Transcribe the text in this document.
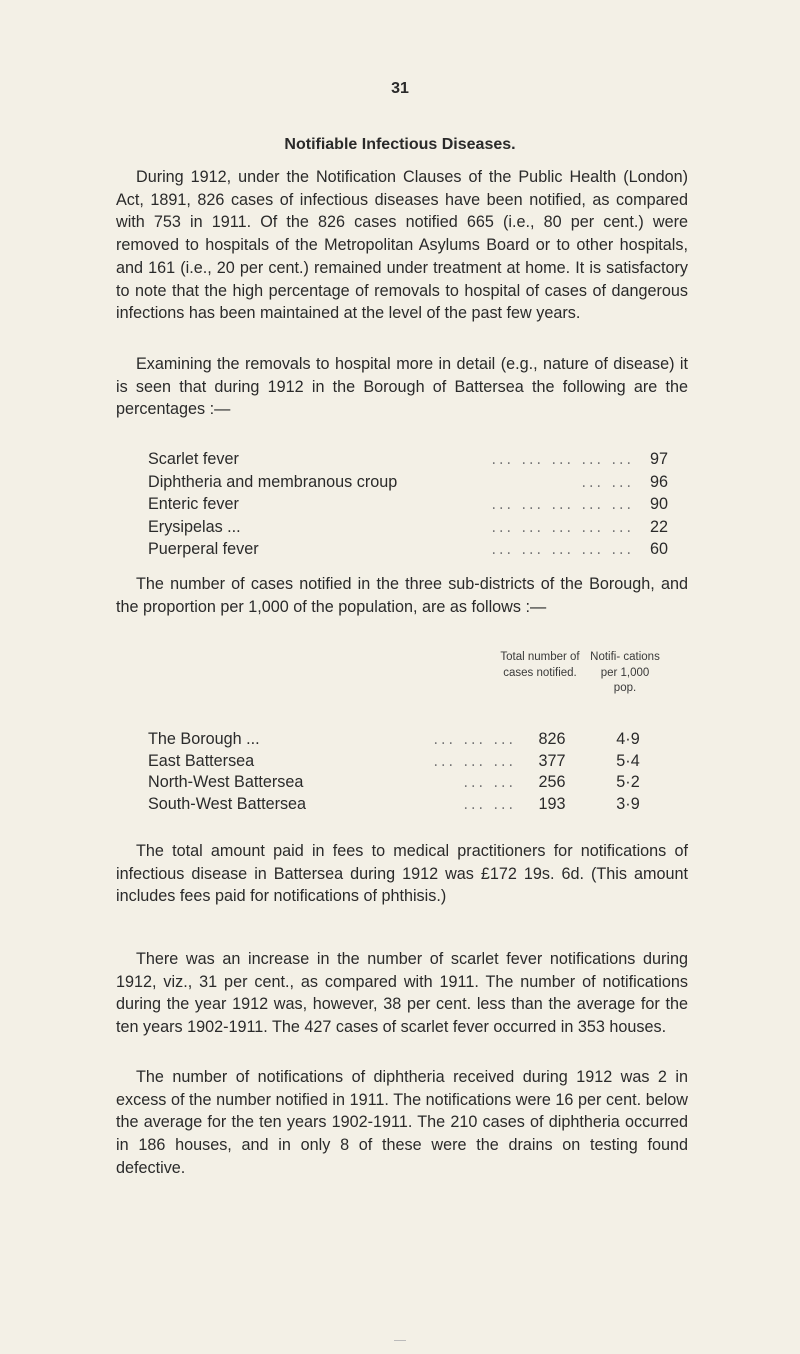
31
Notifiable Infectious Diseases.

During 1912, under the Notification Clauses of the Public Health (London) Act, 1891, 826 cases of infectious diseases have been notified, as compared with 753 in 1911. Of the 826 cases notified 665 (i.e., 80 per cent.) were removed to hospitals of the Metropolitan Asylums Board or to other hospitals, and 161 (i.e., 20 per cent.) remained under treatment at home. It is satisfactory to note that the high percentage of removals to hospital of cases of dangerous infections has been maintained at the level of the past few years.

Examining the removals to hospital more in detail (e.g., nature of disease) it is seen that during 1912 in the Borough of Battersea the following are the percentages :—

Scarlet fever	... ... ... ... ... 97
Diphtheria and membranous croup	... ... 96
Enteric fever	... ... ... ... ... 90
Erysipelas ...	... ... ... ... ... 22
Puerperal fever	... ... ... ... ... 60

The number of cases notified in the three sub-districts of the Borough, and the proportion per 1,000 of the population, are as follows :—

Total number of cases notified.
Notifi- cations per 1,000 pop.
The Borough ...	... ... ...	826	4·9
East Battersea	... ... ...	377	5·4
North-West Battersea	... ...	256	5·2
South-West Battersea	... ...	193	3·9

The total amount paid in fees to medical practitioners for notifications of infectious disease in Battersea during 1912 was £172 19s. 6d. (This amount includes fees paid for notifications of phthisis.)

There was an increase in the number of scarlet fever notifications during 1912, viz., 31 per cent., as compared with 1911. The number of notifications during the year 1912 was, however, 38 per cent. less than the average for the ten years 1902-1911. The 427 cases of scarlet fever occurred in 353 houses.

The number of notifications of diphtheria received during 1912 was 2 in excess of the number notified in 1911. The notifications were 16 per cent. below the average for the ten years 1902-1911. The 210 cases of diphtheria occurred in 186 houses, and in only 8 of these were the drains on testing found defective.
